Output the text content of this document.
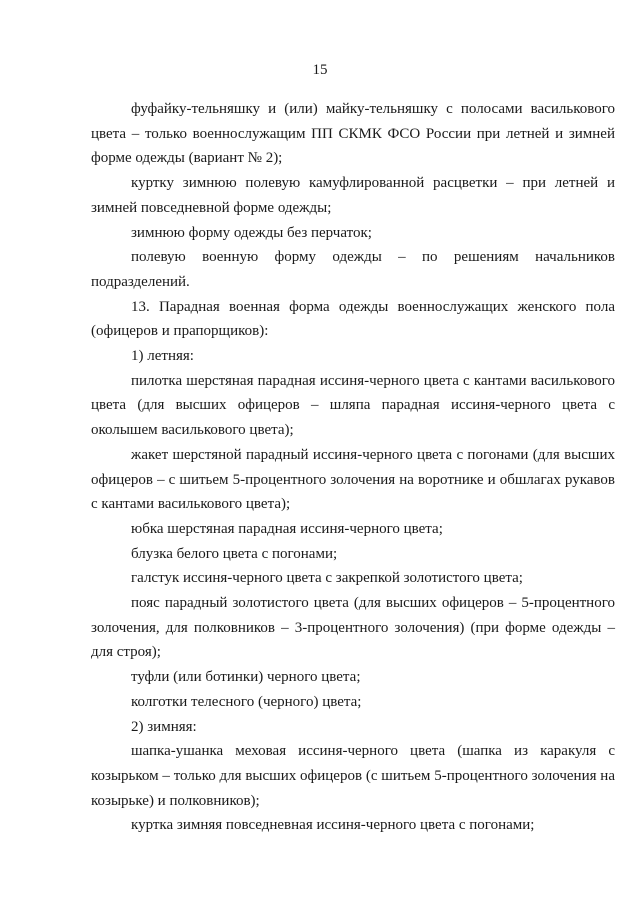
15

фуфайку-тельняшку и (или) майку-тельняшку с полосами василькового цвета – только военнослужащим ПП СКМК ФСО России при летней и зимней форме одежды (вариант № 2);

куртку зимнюю полевую камуфлированной расцветки – при летней и зимней повседневной форме одежды;

зимнюю форму одежды без перчаток;

полевую военную форму одежды – по решениям начальников подразделений.

13. Парадная военная форма одежды военнослужащих женского пола (офицеров и прапорщиков):

1) летняя:

пилотка шерстяная парадная иссиня-черного цвета с кантами василькового цвета (для высших офицеров – шляпа парадная иссиня-черного цвета с околышем василькового цвета);

жакет шерстяной парадный иссиня-черного цвета с погонами (для высших офицеров – с шитьем 5-процентного золочения на воротнике и обшлагах рукавов с кантами василькового цвета);

юбка шерстяная парадная иссиня-черного цвета;

блузка белого цвета с погонами;

галстук иссиня-черного цвета с закрепкой золотистого цвета;

пояс парадный золотистого цвета (для высших офицеров – 5-процентного золочения, для полковников – 3-процентного золочения) (при форме одежды – для строя);

туфли (или ботинки) черного цвета;

колготки телесного (черного) цвета;

2) зимняя:

шапка-ушанка меховая иссиня-черного цвета (шапка из каракуля с козырьком – только для высших офицеров (с шитьем 5-процентного золочения на козырьке) и полковников);

куртка зимняя повседневная иссиня-черного цвета с погонами;
